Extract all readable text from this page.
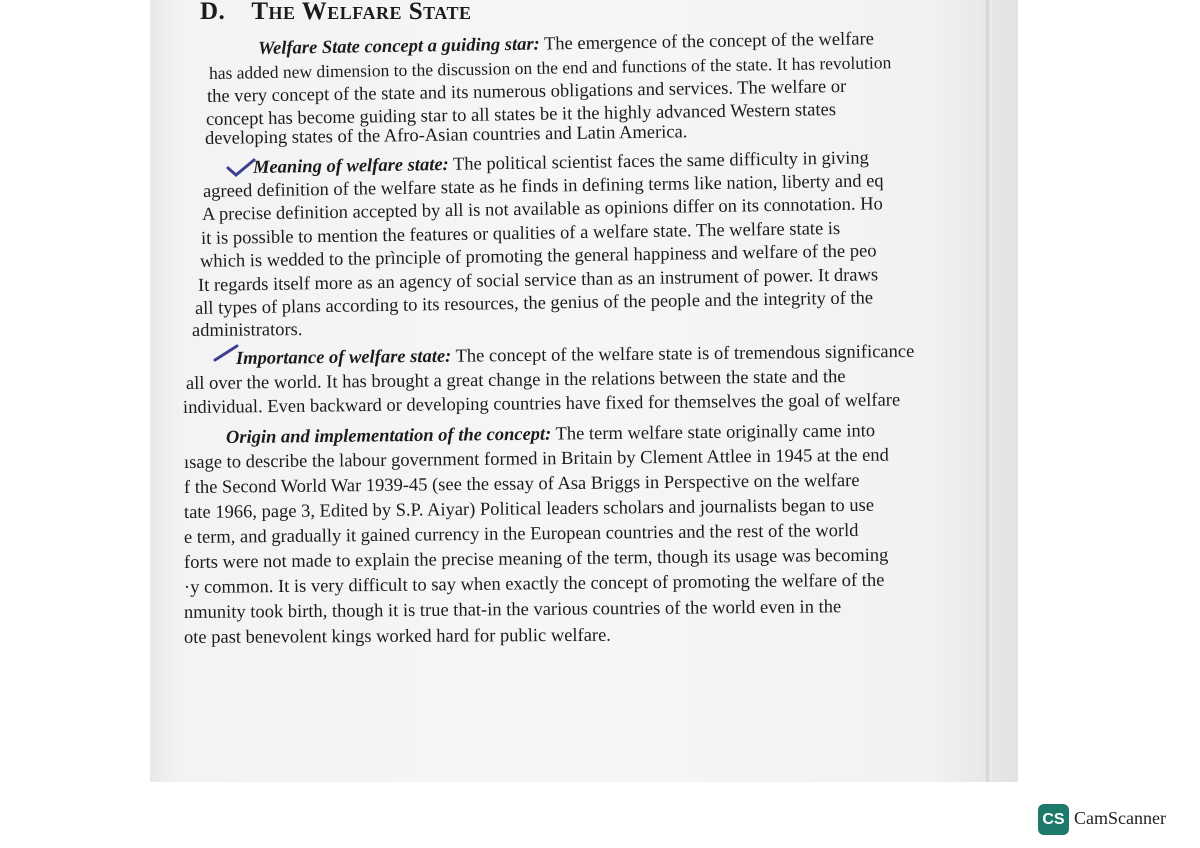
D. The Welfare State
Welfare State concept a guiding star: The emergence of the concept of the welfare
has added new dimension to the discussion on the end and functions of the state. It has revolution
the very concept of the state and its numerous obligations and services. The welfare or
concept has become guiding star to all states be it the highly advanced Western states
developing states of the Afro-Asian countries and Latin America.
Meaning of welfare state: The political scientist faces the same difficulty in giving
agreed definition of the welfare state as he finds in defining terms like nation, liberty and eq
A precise definition accepted by all is not available as opinions differ on its connotation. Ho
it is possible to mention the features or qualities of a welfare state. The welfare state is
which is wedded to the prìnciple of promoting the general happiness and welfare of the peo
It regards itself more as an agency of social service than as an instrument of power. It draws
all types of plans according to its resources, the genius of the people and the integrity of the
administrators.
Importance of welfare state: The concept of the welfare state is of tremendous significance
all over the world. It has brought a great change in the relations between the state and the
individual. Even backward or developing countries have fixed for themselves the goal of welfare
Origin and implementation of the concept: The term welfare state originally came into
ısage to describe the labour government formed in Britain by Clement Attlee in 1945 at the end
f the Second World War 1939-45 (see the essay of Asa Briggs in Perspective on the welfare
tate 1966, page 3, Edited by S.P. Aiyar) Political leaders scholars and journalists began to use
e term, and gradually it gained currency in the European countries and the rest of the world
forts were not made to explain the precise meaning of the term, though its usage was becoming
·y common. It is very difficult to say when exactly the concept of promoting the welfare of the
nmunity took birth, though it is true that-in the various countries of the world even in the
ote past benevolent kings worked hard for public welfare.
CS CamScanner
